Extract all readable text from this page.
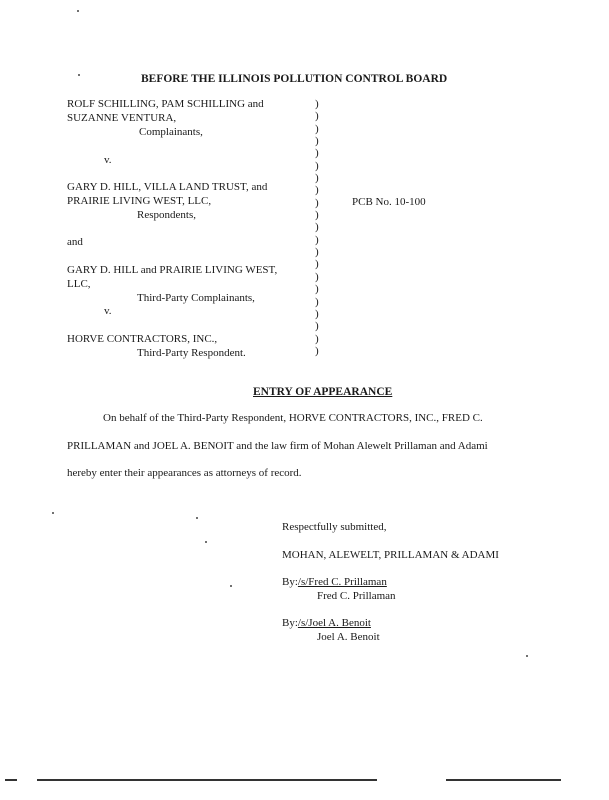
BEFORE THE ILLINOIS POLLUTION CONTROL BOARD
ROLF SCHILLING, PAM SCHILLING and
SUZANNE VENTURA,
Complainants,
v.
GARY D. HILL, VILLA LAND TRUST, and
PRAIRIE LIVING WEST, LLC,
Respondents,
and
GARY D. HILL and PRAIRIE LIVING WEST,
LLC,
Third-Party Complainants,
v.
HORVE CONTRACTORS, INC.,
Third-Party Respondent.
)
)
)
)
)
)
)
)
)
)
)
)
)
)
)
)
)
)
)
)
)
PCB No. 10-100
ENTRY OF APPEARANCE
On behalf of the Third-Party Respondent, HORVE CONTRACTORS, INC., FRED C.
PRILLAMAN and JOEL A. BENOIT and the law firm of Mohan Alewelt Prillaman and Adami
hereby enter their appearances as attorneys of record.
Respectfully submitted,
MOHAN, ALEWELT, PRILLAMAN & ADAMI
By:/s/Fred C. Prillaman
Fred C. Prillaman
By:/s/Joel A. Benoit
Joel A. Benoit
